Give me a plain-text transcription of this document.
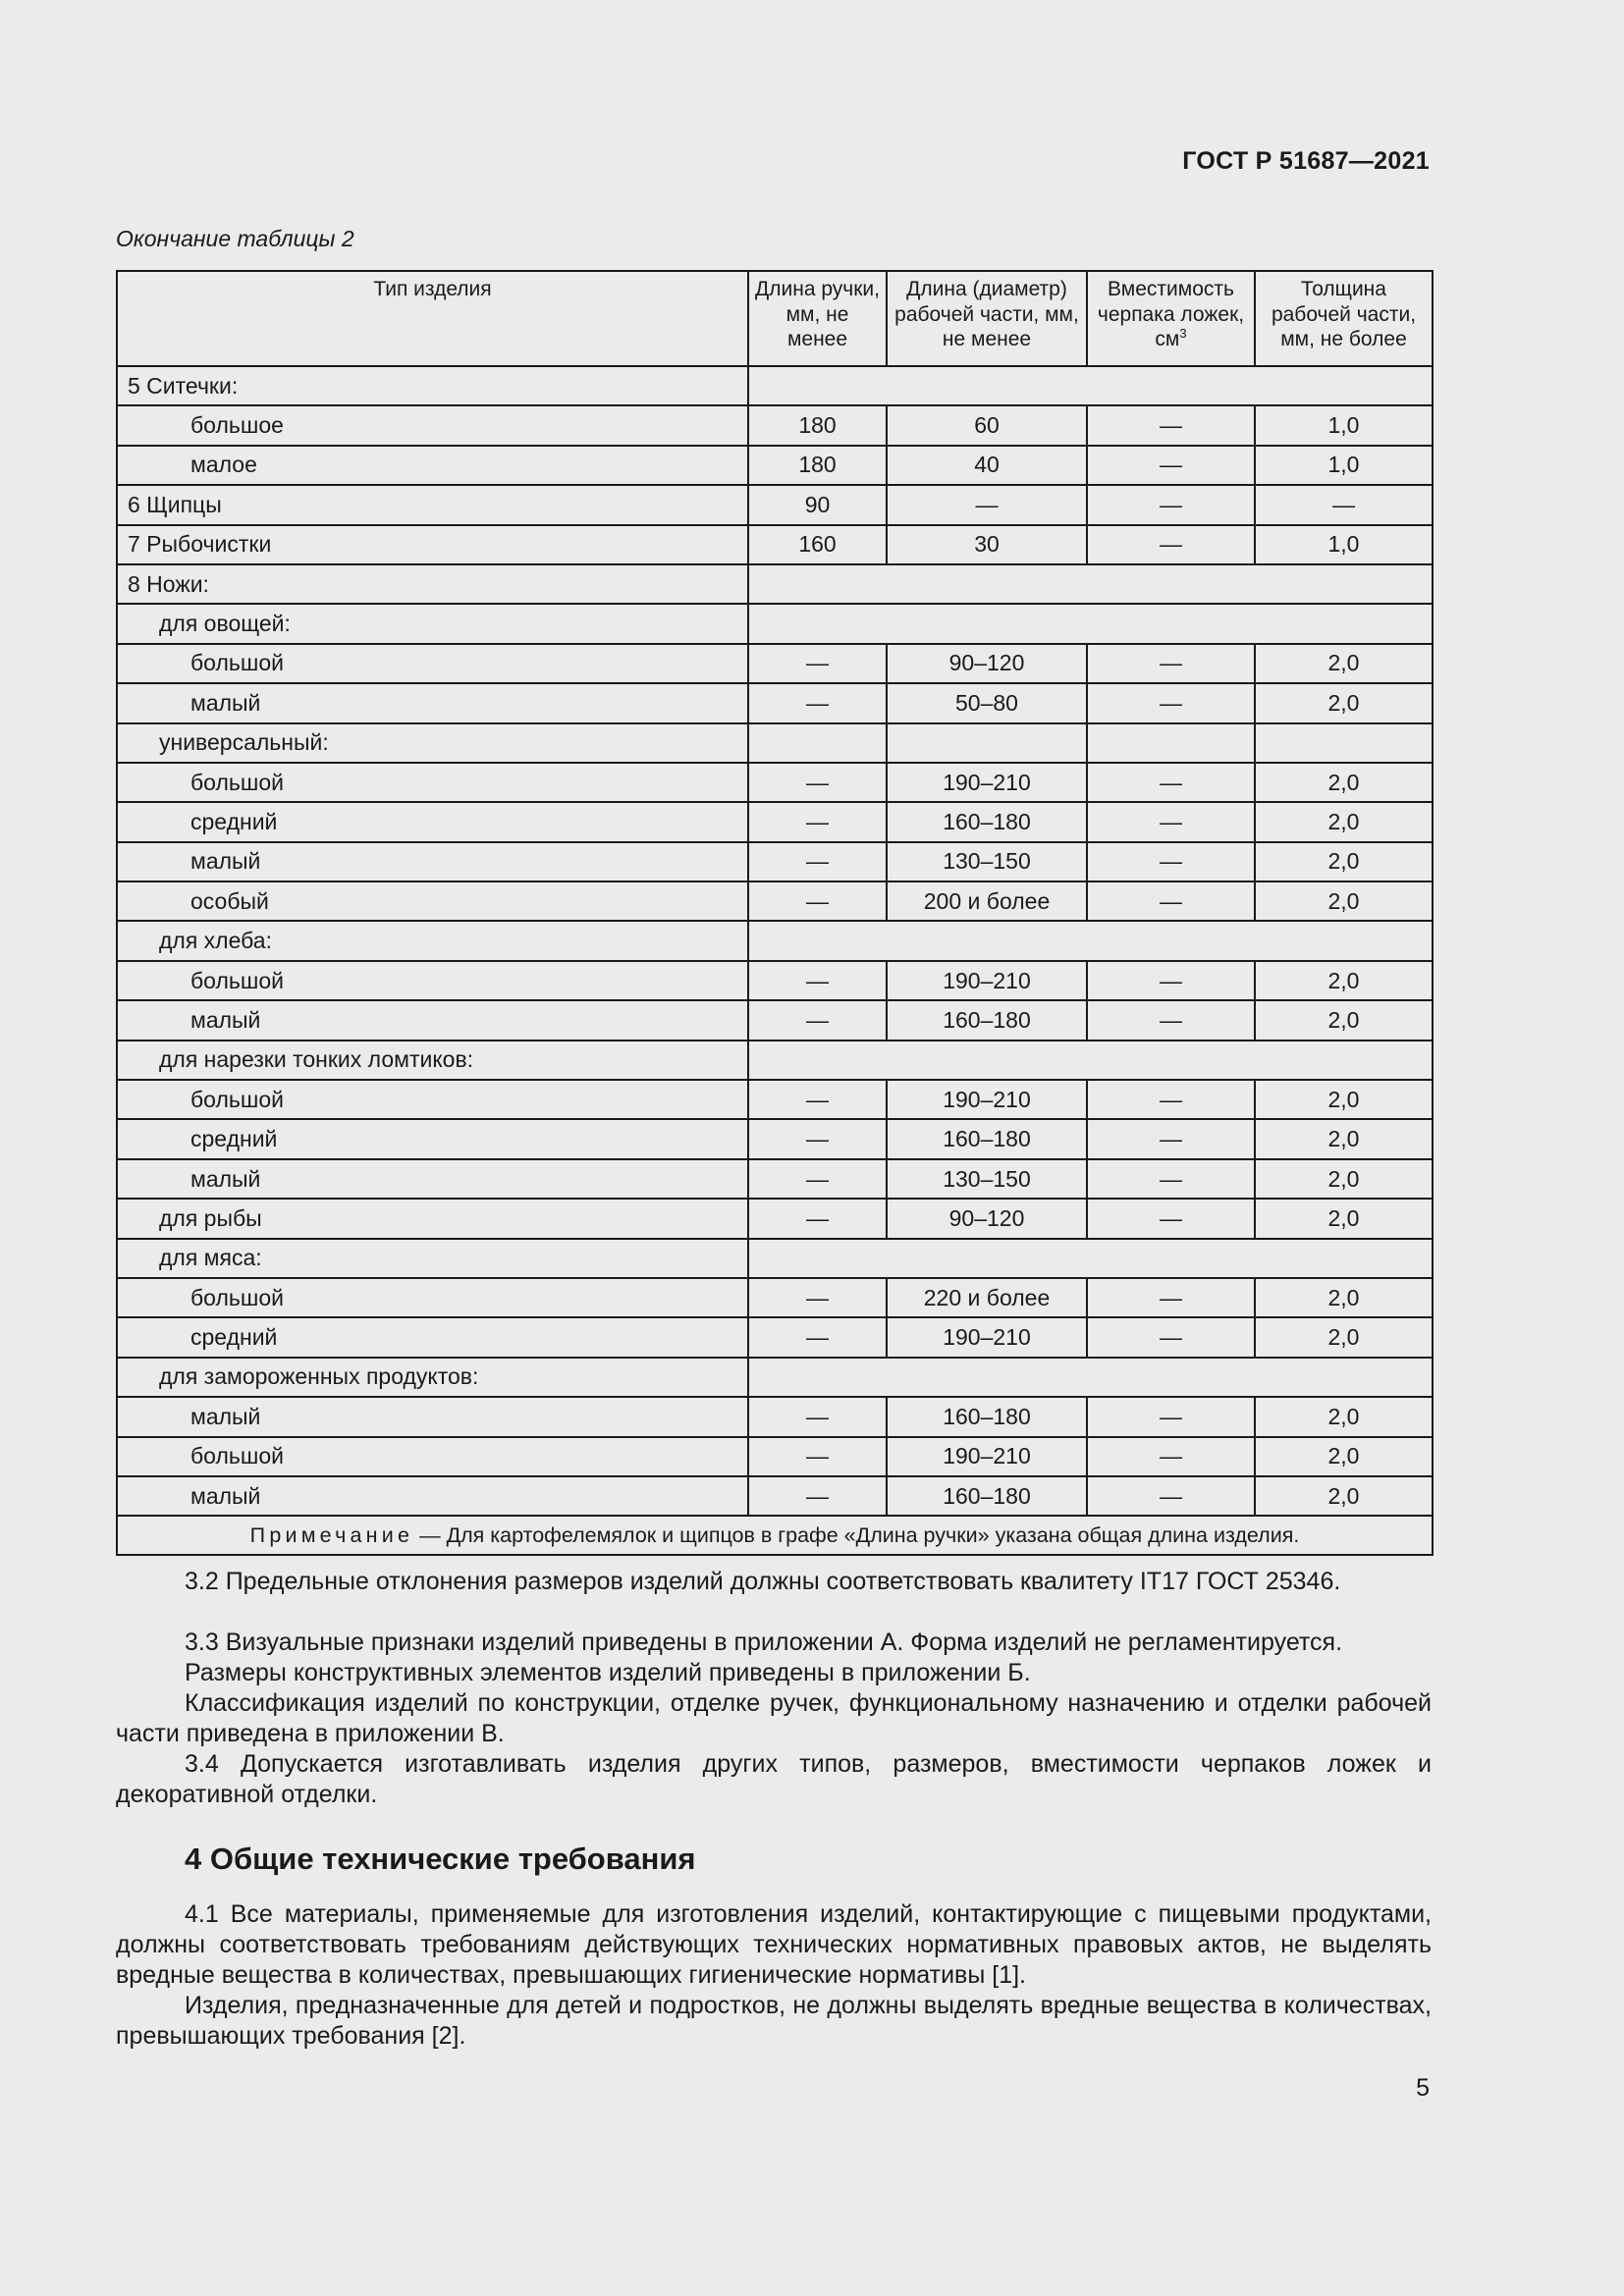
ГОСТ Р 51687—2021
Окончание таблицы 2
Тип изделия	Длина ручки, мм, не менее	Длина (диаметр) рабочей части, мм, не менее	Вместимость черпака ложек, $см^3$	Толщина рабочей части, мм, не более
5 Ситечки:				
большое	180	60	—	1,0
малое	180	40	—	1,0
6 Щипцы	90	—	—	—
7 Рыбочистки	160	30	—	1,0
8 Ножи:				
для овощей:				
большой	—	90–120	—	2,0
малый	—	50–80	—	2,0
универсальный:				
большой	—	190–210	—	2,0
средний	—	160–180	—	2,0
малый	—	130–150	—	2,0
особый	—	200 и более	—	2,0
для хлеба:				
большой	—	190–210	—	2,0
малый	—	160–180	—	2,0
для нарезки тонких ломтиков:				
большой	—	190–210	—	2,0
средний	—	160–180	—	2,0
малый	—	130–150	—	2,0
для рыбы	—	90–120	—	2,0
для мяса:				
большой	—	220 и более	—	2,0
средний	—	190–210	—	2,0
для замороженных продуктов:				
малый	—	160–180	—	2,0
большой	—	190–210	—	2,0
малый	—	160–180	—	2,0
Примечание — Для картофелемялок и щипцов в графе «Длина ручки» указана общая длина изделия.				
3.2 Предельные отклонения размеров изделий должны соответствовать квалитету IT17 ГОСТ 25346.
3.3 Визуальные признаки изделий приведены в приложении А. Форма изделий не регламентируется.
Размеры конструктивных элементов изделий приведены в приложении Б.
Классификация изделий по конструкции, отделке ручек, функциональному назначению и отделки рабочей части приведена в приложении В.
3.4 Допускается изготавливать изделия других типов, размеров, вместимости черпаков ложек и декоративной отделки.
4 Общие технические требования
4.1 Все материалы, применяемые для изготовления изделий, контактирующие с пищевыми продуктами, должны соответствовать требованиям действующих технических нормативных правовых актов, не выделять вредные вещества в количествах, превышающих гигиенические нормативы [1].
Изделия, предназначенные для детей и подростков, не должны выделять вредные вещества в количествах, превышающих требования [2].
5
